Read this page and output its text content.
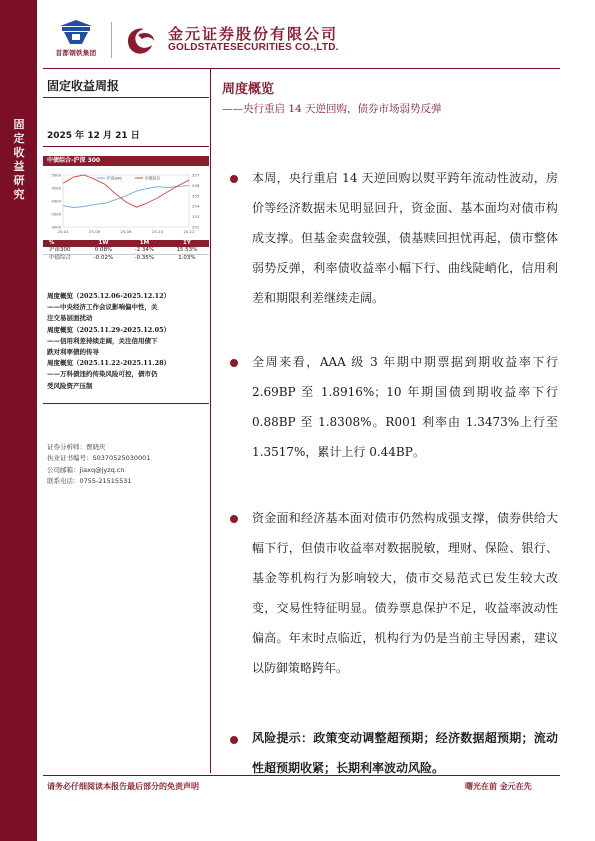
固定收益研究
首都钢铁集团
金元证券股份有限公司
GOLDSTATESECURITIES CO.,LTD.
固定收益周报
2025 年 12 月 21 日
周度概览
——央行重启 14 天逆回购，债券市场弱势反弹
中债综合-沪深 300
5000
4500
4000
3500
3000
257
256
255
254
253
252
25-04	25-06	25-08	25-10	25-12
沪深300	中债综合
%	1W	1M	1Y
沪深300	0.08%	-2.34%	15.53%
中债综合	-0.02%	-0.35%	1.03%
周度概览（2025.12.06-2025.12.12）
——中央经济工作会议影响偏中性，关
注交易层面扰动
周度概览（2025.11.29-2025.12.05）
——信用利差持续走阔，关注信用债下
跌对利率债的传导
周度概览（2025.11.22-2025.11.28）
——万科债违约传染风险可控，债市仍
受风险资产压制
证券分析师：贾晓庆
执业证书编号：S0370525030001
公司邮箱：jiaxq@jyzq.cn
联系电话：0755-21515531
本周，央行重启 14 天逆回购以熨平跨年流动性波动，房价等经济数据未见明显回升，资金面、基本面均对债市构成支撑。但基金卖盘较强，债基赎回担忧再起，债市整体弱势反弹，利率债收益率小幅下行、曲线陡峭化，信用利差和期限利差继续走阔。
全周来看，AAA 级 3 年期中期票据到期收益率下行 2.69BP 至 1.8916%；10 年期国债到期收益率下行 0.88BP 至 1.8308%。R001 利率由 1.3473%上行至 1.3517%，累计上行 0.44BP。
资金面和经济基本面对债市仍然构成强支撑，债券供给大幅下行，但债市收益率对数据脱敏，理财、保险、银行、基金等机构行为影响较大，债市交易范式已发生较大改变，交易性特征明显。债券票息保护不足，收益率波动性偏高。年末时点临近，机构行为仍是当前主导因素，建议以防御策略跨年。
风险提示：政策变动调整超预期；经济数据超预期；流动性超预期收紧；长期利率波动风险。
请务必仔细阅读本报告最后部分的免责声明	曙光在前 金元在先
